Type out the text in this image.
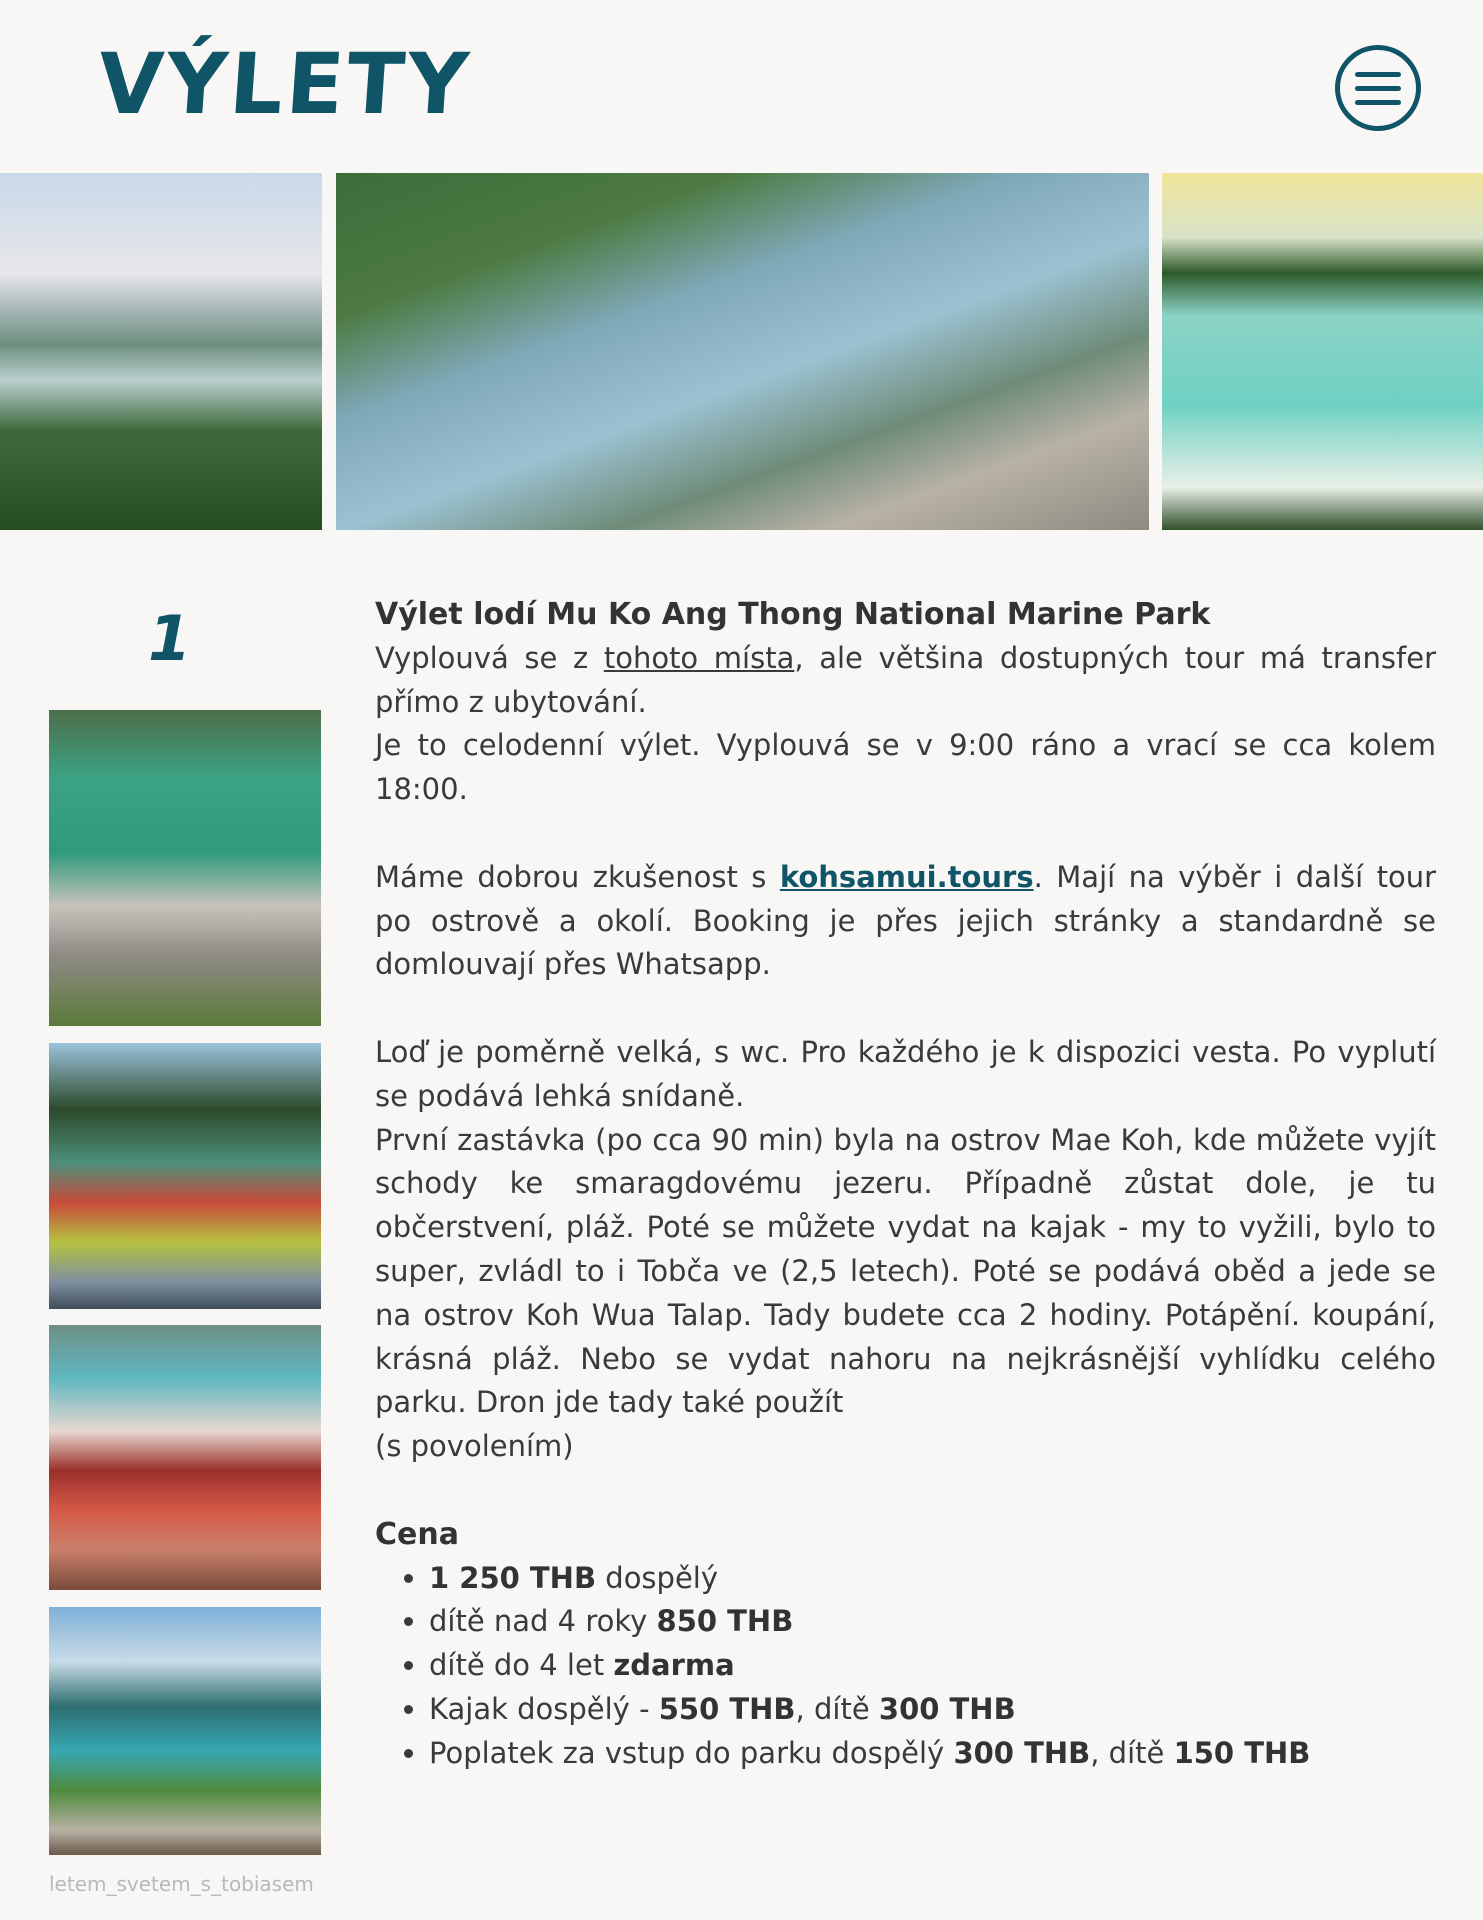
VÝLETY
1
letem_svetem_s_tobiasem
Výlet lodí Mu Ko Ang Thong National Marine Park

Vyplouvá se z tohoto místa, ale většina dostupných tour má transfer přímo z ubytování.

Je to celodenní výlet. Vyplouvá se v 9:00 ráno a vrací se cca kolem 18:00.

Máme dobrou zkušenost s kohsamui.tours. Mají na výběr i další tour po ostrově a okolí. Booking je přes jejich stránky a standardně se domlouvají přes Whatsapp.

Loď je poměrně velká, s wc. Pro každého je k dispozici vesta. Po vyplutí se podává lehká snídaně.

První zastávka (po cca 90 min) byla na ostrov Mae Koh, kde můžete vyjít schody ke smaragdovému jezeru. Případně zůstat dole, je tu občerstvení, pláž. Poté se můžete vydat na kajak - my to vyžili, bylo to super, zvládl to i Tobča ve (2,5 letech). Poté se podává oběd a jede se na ostrov Koh Wua Talap. Tady budete cca 2 hodiny. Potápění. koupání, krásná pláž. Nebo se vydat nahoru na nejkrásnější vyhlídku celého parku. Dron jde tady také použít

(s povolením)

Cena
• 1 250 THB dospělý
• dítě nad 4 roky 850 THB
• dítě do 4 let zdarma
• Kajak dospělý - 550 THB, dítě 300 THB
• Poplatek za vstup do parku dospělý 300 THB, dítě 150 THB
